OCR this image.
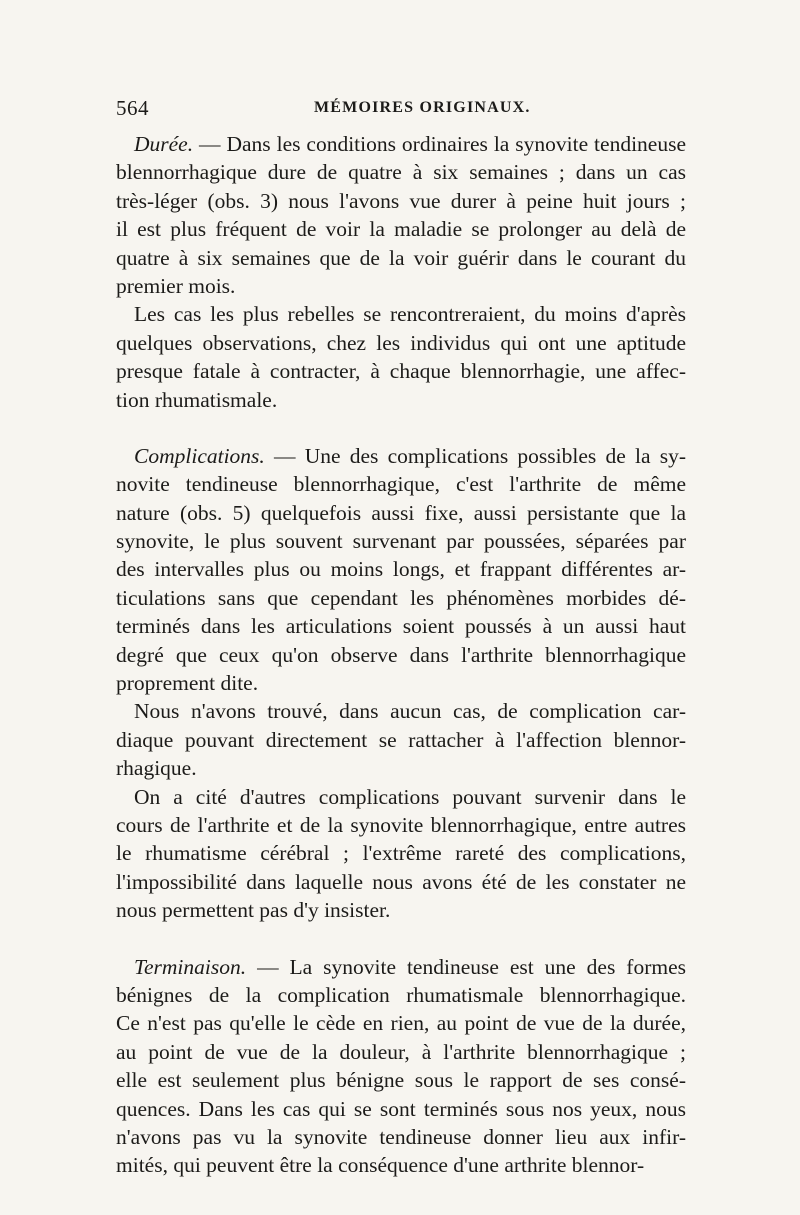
564	MÉMOIRES ORIGINAUX.
Durée. — Dans les conditions ordinaires la synovite tendineuse
blennorrhagique dure de quatre à six semaines ; dans un cas
très-léger (obs. 3) nous l'avons vue durer à peine huit jours ;
il est plus fréquent de voir la maladie se prolonger au delà de
quatre à six semaines que de la voir guérir dans le courant du
premier mois.
Les cas les plus rebelles se rencontreraient, du moins d'après
quelques observations, chez les individus qui ont une aptitude
presque fatale à contracter, à chaque blennorrhagie, une affec-
tion rhumatismale.
Complications. — Une des complications possibles de la sy-
novite tendineuse blennorrhagique, c'est l'arthrite de même
nature (obs. 5) quelquefois aussi fixe, aussi persistante que la
synovite, le plus souvent survenant par poussées, séparées par
des intervalles plus ou moins longs, et frappant différentes ar-
ticulations sans que cependant les phénomènes morbides dé-
terminés dans les articulations soient poussés à un aussi haut
degré que ceux qu'on observe dans l'arthrite blennorrhagique
proprement dite.
Nous n'avons trouvé, dans aucun cas, de complication car-
diaque pouvant directement se rattacher à l'affection blennor-
rhagique.
On a cité d'autres complications pouvant survenir dans le
cours de l'arthrite et de la synovite blennorrhagique, entre autres
le rhumatisme cérébral ; l'extrême rareté des complications,
l'impossibilité dans laquelle nous avons été de les constater ne
nous permettent pas d'y insister.
Terminaison. — La synovite tendineuse est une des formes
bénignes de la complication rhumatismale blennorrhagique.
Ce n'est pas qu'elle le cède en rien, au point de vue de la durée,
au point de vue de la douleur, à l'arthrite blennorrhagique ;
elle est seulement plus bénigne sous le rapport de ses consé-
quences. Dans les cas qui se sont terminés sous nos yeux, nous
n'avons pas vu la synovite tendineuse donner lieu aux infir-
mités, qui peuvent être la conséquence d'une arthrite blennor-
